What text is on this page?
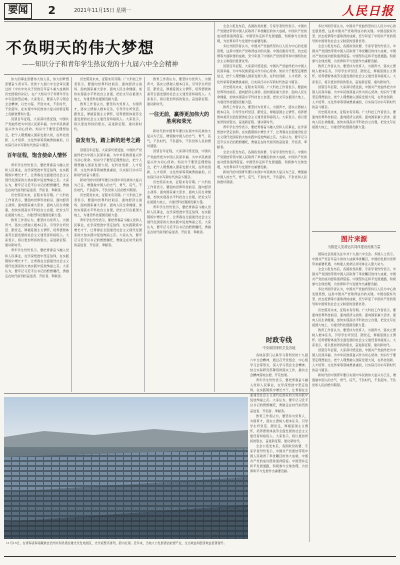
要闻	2	2021年11月15日 星期一	人民日报
不负明天的伟大梦想
——知识分子和青年学生热议党的十九届六中全会精神

伟大的事业需要伟大的人民，伟大的梦想需要奋斗者书写。党的十九届六中全会审议通过的《中共中央关于党的百年奋斗重大成就和历史经验的决议》，在广大知识分子和青年学生中引起热烈反响。大家表示，要深入学习领会全会精神，以史为鉴、开创未来，不负时代、不负韶华，在实现中华民族伟大复兴的新征程上贡献智慧和力量。

回望百年征程，大家深切感受到，中国共产党始终把为中国人民谋幸福、为中华民族谋复兴作为初心使命。知识分子要坚定理想信念，把个人理想融入国家发展大局，在科技创新、人才培养、文化传承等领域勇挑重担，以实际行动书写新时代的奋斗篇章。

百年征程，饱含使命人情怀

青年学生纷纷表示，要把青春奋斗融入党和人民事业，在学深悟透中坚定信仰，在实践锻炼中增长才干，让青春在全面建设社会主义现代化国家的火热实践中绽放绚丽之花。大家认为，要牢记习近平总书记的殷殷嘱托，勇做走在时代前列的奋进者、开拓者、奉献者。

历史照亮未来，征程未有穷期。广大科技工作者表示，要面向世界科技前沿、面向经济主战场、面向国家重大需求、面向人民生命健康，加快实现高水平科技自立自强，把论文写在祖国大地上，为建设科技强国贡献力量。

教育工作者认为，要坚持为党育人、为国育才，落实立德树人根本任务，引导学生听党话、跟党走，厚植爱国主义情怀，培养德智体美劳全面发展的社会主义建设者和接班人。大家表示，将以更加昂扬的姿态，奋进新征程、建功新时代。

青年学生纷纷表示，要把青春奋斗融入党和人民事业，在学深悟透中坚定信仰，在实践锻炼中增长才干，让青春在全面建设社会主义现代化国家的火热实践中绽放绚丽之花。大家认为，要牢记习近平总书记的殷殷嘱托，勇做走在时代前列的奋进者、开拓者、奉献者。

历史照亮未来，征程未有穷期。广大科技工作者表示，要面向世界科技前沿、面向经济主战场、面向国家重大需求、面向人民生命健康，加快实现高水平科技自立自强，把论文写在祖国大地上，为建设科技强国贡献力量。

教育工作者认为，要坚持为党育人、为国育才，落实立德树人根本任务，引导学生听党话、跟党走，厚植爱国主义情怀，培养德智体美劳全面发展的社会主义建设者和接班人。大家表示，将以更加昂扬的姿态，奋进新征程、建功新时代。

奋发有为，踏上新的赶考之路

回望百年征程，大家深切感受到，中国共产党始终把为中国人民谋幸福、为中华民族谋复兴作为初心使命。知识分子要坚定理想信念，把个人理想融入国家发展大局，在科技创新、人才培养、文化传承等领域勇挑重担，以实际行动书写新时代的奋斗篇章。

新时代的中国青年要以实现中华民族伟大复兴为己任，增强做中国人的志气、骨气、底气，不负时代，不负韶华，不负党和人民的殷切期望。

历史照亮未来，征程未有穷期。广大科技工作者表示，要面向世界科技前沿、面向经济主战场、面向国家重大需求、面向人民生命健康，加快实现高水平科技自立自强，把论文写在祖国大地上，为建设科技强国贡献力量。

青年学生纷纷表示，要把青春奋斗融入党和人民事业，在学深悟透中坚定信仰，在实践锻炼中增长才干，让青春在全面建设社会主义现代化国家的火热实践中绽放绚丽之花。大家认为，要牢记习近平总书记的殷殷嘱托，勇做走在时代前列的奋进者、开拓者、奉献者。

教育工作者认为，要坚持为党育人、为国育才，落实立德树人根本任务，引导学生听党话、跟党走，厚植爱国主义情怀，培养德智体美劳全面发展的社会主义建设者和接班人。大家表示，将以更加昂扬的姿态，奋进新征程、建功新时代。

一往无前，赢得更加伟大的胜利和荣光

新时代的中国青年要以实现中华民族伟大复兴为己任，增强做中国人的志气、骨气、底气，不负时代，不负韶华，不负党和人民的殷切期望。

回望百年征程，大家深切感受到，中国共产党始终把为中国人民谋幸福、为中华民族谋复兴作为初心使命。知识分子要坚定理想信念，把个人理想融入国家发展大局，在科技创新、人才培养、文化传承等领域勇挑重担，以实际行动书写新时代的奋斗篇章。

历史照亮未来，征程未有穷期。广大科技工作者表示，要面向世界科技前沿、面向经济主战场、面向国家重大需求、面向人民生命健康，加快实现高水平科技自立自强，把论文写在祖国大地上，为建设科技强国贡献力量。

青年学生纷纷表示，要把青春奋斗融入党和人民事业，在学深悟透中坚定信仰，在实践锻炼中增长才干，让青春在全面建设社会主义现代化国家的火热实践中绽放绚丽之花。大家认为，要牢记习近平总书记的殷殷嘱托，勇做走在时代前列的奋进者、开拓者、奉献者。

全会公报发布后，各国政党政要、专家学者纷纷表示，中国共产党团结带领中国人民取得了举世瞩目的伟大成就，中国共产党的成功经验值得借鉴。中国坚持走和平发展道路，积极参与全球治理，为世界和平与发展作出重要贡献。

多位外国学者认为，中国共产党始终坚持以人民为中心的发展思想，这是中国共产党取得成功的关键。中国在脱贫攻坚、抗击疫情等方面取得的成就，充分彰显了中国共产党的领导和中国特色社会主义制度的显著优势。

回望百年征程，大家深切感受到，中国共产党始终把为中国人民谋幸福、为中华民族谋复兴作为初心使命。知识分子要坚定理想信念，把个人理想融入国家发展大局，在科技创新、人才培养、文化传承等领域勇挑重担，以实际行动书写新时代的奋斗篇章。

历史照亮未来，征程未有穷期。广大科技工作者表示，要面向世界科技前沿、面向经济主战场、面向国家重大需求、面向人民生命健康，加快实现高水平科技自立自强，把论文写在祖国大地上，为建设科技强国贡献力量。

教育工作者认为，要坚持为党育人、为国育才，落实立德树人根本任务，引导学生听党话、跟党走，厚植爱国主义情怀，培养德智体美劳全面发展的社会主义建设者和接班人。大家表示，将以更加昂扬的姿态，奋进新征程、建功新时代。

青年学生纷纷表示，要把青春奋斗融入党和人民事业，在学深悟透中坚定信仰，在实践锻炼中增长才干，让青春在全面建设社会主义现代化国家的火热实践中绽放绚丽之花。大家认为，要牢记习近平总书记的殷殷嘱托，勇做走在时代前列的奋进者、开拓者、奉献者。

全会公报发布后，各国政党政要、专家学者纷纷表示，中国共产党团结带领中国人民取得了举世瞩目的伟大成就，中国共产党的成功经验值得借鉴。中国坚持走和平发展道路，积极参与全球治理，为世界和平与发展作出重要贡献。

新时代的中国青年要以实现中华民族伟大复兴为己任，增强做中国人的志气、骨气、底气，不负时代，不负韶华，不负党和人民的殷切期望。

多位外国学者认为，中国共产党始终坚持以人民为中心的发展思想，这是中国共产党取得成功的关键。中国在脱贫攻坚、抗击疫情等方面取得的成就，充分彰显了中国共产党的领导和中国特色社会主义制度的显著优势。

全会公报发布后，各国政党政要、专家学者纷纷表示，中国共产党团结带领中国人民取得了举世瞩目的伟大成就，中国共产党的成功经验值得借鉴。中国坚持走和平发展道路，积极参与全球治理，为世界和平与发展作出重要贡献。

教育工作者认为，要坚持为党育人、为国育才，落实立德树人根本任务，引导学生听党话、跟党走，厚植爱国主义情怀，培养德智体美劳全面发展的社会主义建设者和接班人。大家表示，将以更加昂扬的姿态，奋进新征程、建功新时代。

回望百年征程，大家深切感受到，中国共产党始终把为中国人民谋幸福、为中华民族谋复兴作为初心使命。知识分子要坚定理想信念，把个人理想融入国家发展大局，在科技创新、人才培养、文化传承等领域勇挑重担，以实际行动书写新时代的奋斗篇章。

历史照亮未来，征程未有穷期。广大科技工作者表示，要面向世界科技前沿、面向经济主战场、面向国家重大需求、面向人民生命健康，加快实现高水平科技自立自强，把论文写在祖国大地上，为建设科技强国贡献力量。

图片来源

为推进人类命运共同体建设贡献力量

国际社会高度关注中共十九届六中全会。多国人士表示，中国共产党百年奋斗的伟大成就举世瞩目，中国的发展为世界带来重要机遇，为构建人类命运共同体注入强大动力。

全会公报发布后，各国政党政要、专家学者纷纷表示，中国共产党团结带领中国人民取得了举世瞩目的伟大成就，中国共产党的成功经验值得借鉴。中国坚持走和平发展道路，积极参与全球治理，为世界和平与发展作出重要贡献。

多位外国学者认为，中国共产党始终坚持以人民为中心的发展思想，这是中国共产党取得成功的关键。中国在脱贫攻坚、抗击疫情等方面取得的成就，充分彰显了中国共产党的领导和中国特色社会主义制度的显著优势。

历史照亮未来，征程未有穷期。广大科技工作者表示，要面向世界科技前沿、面向经济主战场、面向国家重大需求、面向人民生命健康，加快实现高水平科技自立自强，把论文写在祖国大地上，为建设科技强国贡献力量。

教育工作者认为，要坚持为党育人、为国育才，落实立德树人根本任务，引导学生听党话、跟党走，厚植爱国主义情怀，培养德智体美劳全面发展的社会主义建设者和接班人。大家表示，将以更加昂扬的姿态，奋进新征程、建功新时代。

回望百年征程，大家深切感受到，中国共产党始终把为中国人民谋幸福、为中华民族谋复兴作为初心使命。知识分子要坚定理想信念，把个人理想融入国家发展大局，在科技创新、人才培养、文化传承等领域勇挑重担，以实际行动书写新时代的奋斗篇章。

新时代的中国青年要以实现中华民族伟大复兴为己任，增强做中国人的志气、骨气、底气，不负时代，不负韶华，不负党和人民的殷切期望。

时政专线

中央和国家机关及各地

各地各部门认真学习贯彻党的十九届六中全会精神，通过召开党组会、中心组学习会等形式，深入学习领会全会精神，结合实际研究部署贯彻落实工作，推动全会精神落地生根、开花结果。

青年学生纷纷表示，要把青春奋斗融入党和人民事业，在学深悟透中坚定信仰，在实践锻炼中增长才干，让青春在全面建设社会主义现代化国家的火热实践中绽放绚丽之花。大家认为，要牢记习近平总书记的殷殷嘱托，勇做走在时代前列的奋进者、开拓者、奉献者。

教育工作者认为，要坚持为党育人、为国育才，落实立德树人根本任务，引导学生听党话、跟党走，厚植爱国主义情怀，培养德智体美劳全面发展的社会主义建设者和接班人。大家表示，将以更加昂扬的姿态，奋进新征程、建功新时代。

全会公报发布后，各国政党政要、专家学者纷纷表示，中国共产党团结带领中国人民取得了举世瞩目的伟大成就，中国共产党的成功经验值得借鉴。中国坚持走和平发展道路，积极参与全球治理，为世界和平与发展作出重要贡献。

人民视觉
11月13日，在青海省海南藏族自治州共和县塔拉滩光伏发电园区，光伏板整齐排列，蔚为壮观。近年来，当地大力发展清洁能源产业，生态效益和经济效益显著提升。
